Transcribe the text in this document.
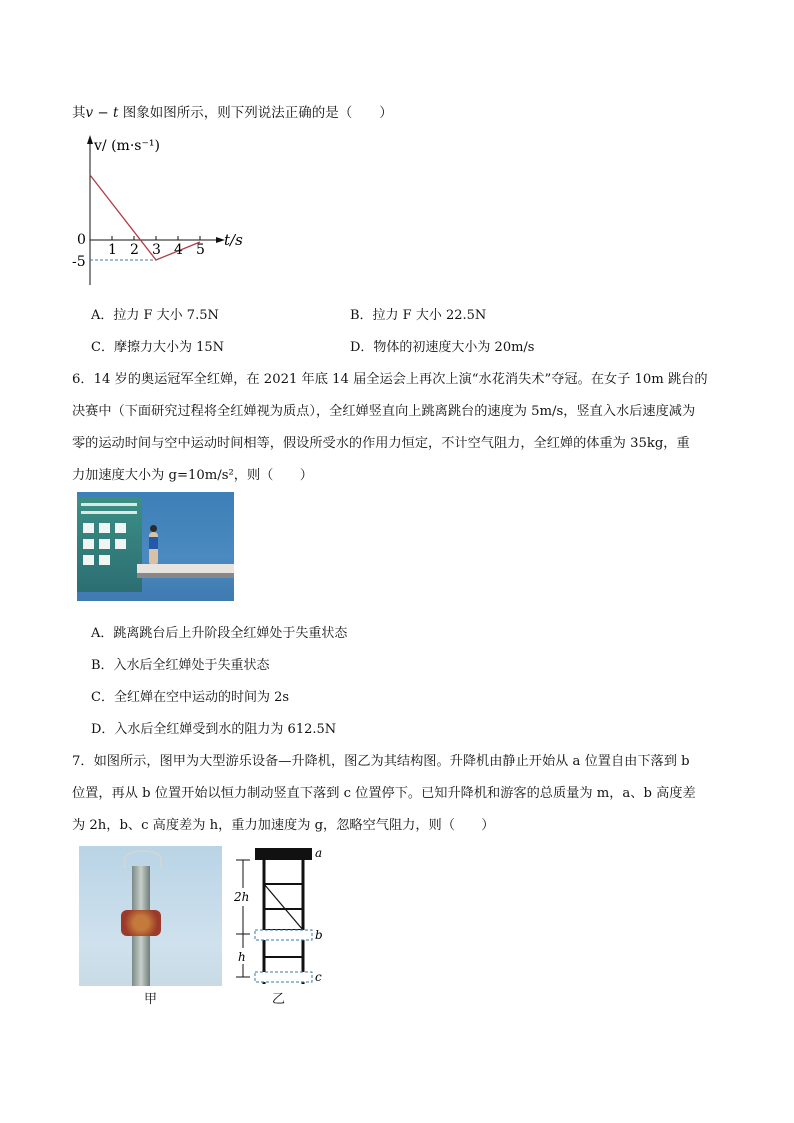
其v − t 图象如图所示，则下列说法正确的是（　　）
v/ (m·s⁻¹)
t/s
0
-5
1 2 3 4 5
A．拉力 F 大小 7.5N	B．拉力 F 大小 22.5N
C．摩擦力大小为 15N	D．物体的初速度大小为 20m/s
6．14 岁的奥运冠军全红婵，在 2021 年底 14 届全运会上再次上演“水花消失术”夺冠。在女子 10m 跳台的
决赛中（下面研究过程将全红婵视为质点），全红婵竖直向上跳离跳台的速度为 5m/s，竖直入水后速度减为
零的运动时间与空中运动时间相等，假设所受水的作用力恒定，不计空气阻力，全红婵的体重为 35kg，重
力加速度大小为 g=10m/s²，则（　　）
A．跳离跳台后上升阶段全红婵处于失重状态
B．入水后全红婵处于失重状态
C．全红婵在空中运动的时间为 2s
D．入水后全红婵受到水的阻力为 612.5N
7．如图所示，图甲为大型游乐设备—升降机，图乙为其结构图。升降机由静止开始从 a 位置自由下落到 b
位置，再从 b 位置开始以恒力制动竖直下落到 c 位置停下。已知升降机和游客的总质量为 m，a、b 高度差
为 2h，b、c 高度差为 h，重力加速度为 g，忽略空气阻力，则（　　）
甲
2h
h
a
b
c
乙
